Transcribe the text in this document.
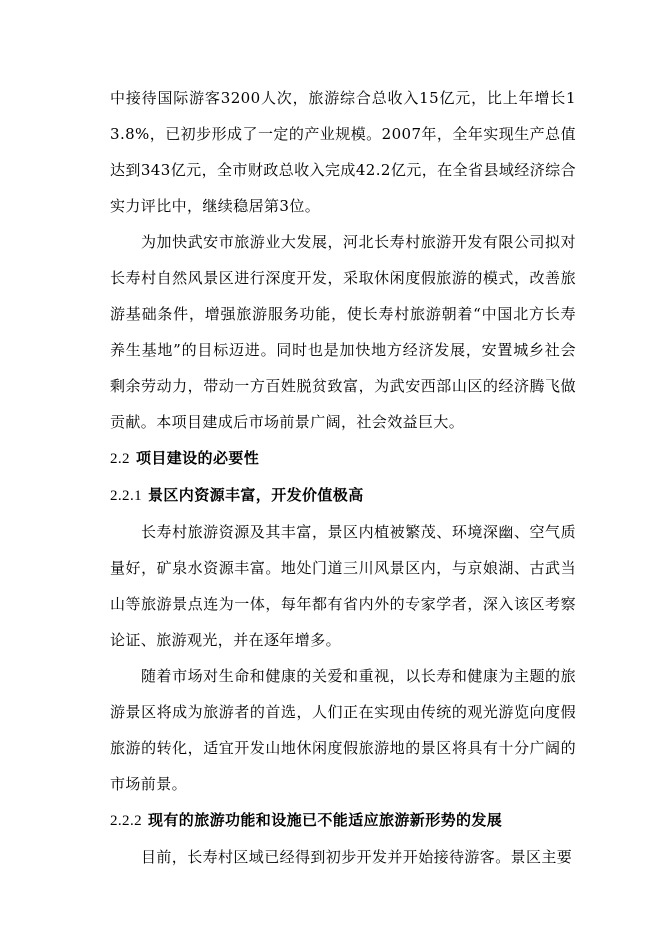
中接待国际游客3200人次，旅游综合总收入15亿元，比上年增长13.8%，已初步形成了一定的产业规模。2007年，全年实现生产总值达到343亿元，全市财政总收入完成42.2亿元，在全省县域经济综合实力评比中，继续稳居第3位。

为加快武安市旅游业大发展，河北长寿村旅游开发有限公司拟对长寿村自然风景区进行深度开发，采取休闲度假旅游的模式，改善旅游基础条件，增强旅游服务功能，使长寿村旅游朝着“中国北方长寿养生基地”的目标迈进。同时也是加快地方经济发展，安置城乡社会剩余劳动力，带动一方百姓脱贫致富，为武安西部山区的经济腾飞做贡献。本项目建成后市场前景广阔，社会效益巨大。

2.2 项目建设的必要性
2.2.1 景区内资源丰富，开发价值极高

长寿村旅游资源及其丰富，景区内植被繁茂、环境深幽、空气质量好，矿泉水资源丰富。地处门道三川风景区内，与京娘湖、古武当山等旅游景点连为一体，每年都有省内外的专家学者，深入该区考察论证、旅游观光，并在逐年增多。

随着市场对生命和健康的关爱和重视，以长寿和健康为主题的旅游景区将成为旅游者的首选，人们正在实现由传统的观光游览向度假旅游的转化，适宜开发山地休闲度假旅游地的景区将具有十分广阔的市场前景。

2.2.2 现有的旅游功能和设施已不能适应旅游新形势的发展

目前，长寿村区域已经得到初步开发并开始接待游客。景区主要
